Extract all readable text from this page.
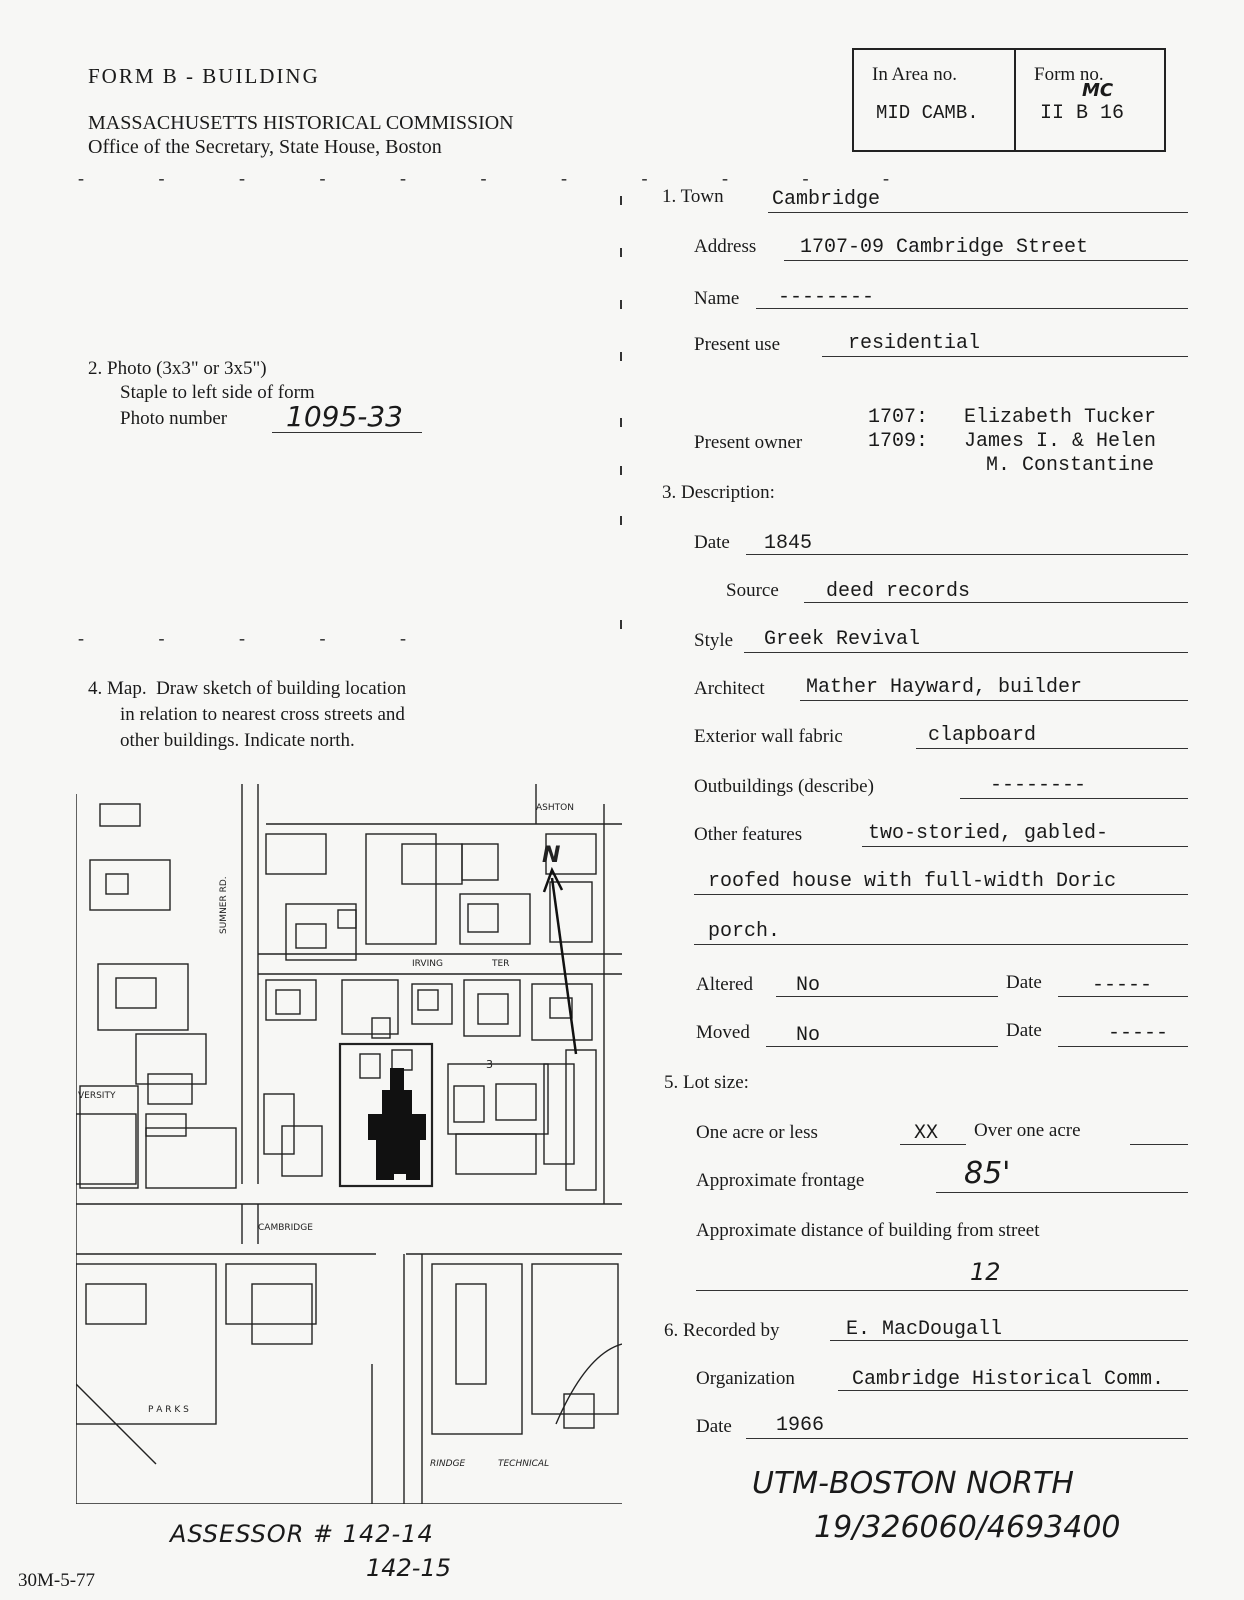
FORM B - BUILDING
MASSACHUSETTS HISTORICAL COMMISSION
Office of the Secretary, State House, Boston
In Area no.
MID CAMB.
Form no.
MC
II B 16
- - - - - - - - - - -
- - - - -
1. Town Cambridge
Address 1707-09 Cambridge Street
Name --------
Present use	residential
1707:   Elizabeth Tucker
Present owner	1709:   James I. & Helen
M. Constantine
3. Description:
Date 1845
Source deed records
Style Greek Revival
Architect Mather Hayward, builder
Exterior wall fabric	clapboard
Outbuildings (describe)	--------
Other features	two-storied, gabled-
roofed house with full-width Doric
porch.
Altered No	Date	-----
Moved No	Date	-----
5. Lot size:
One acre or less	XX Over one acre
Approximate frontage	85'
Approximate distance of building from street
12
6. Recorded by	E. MacDougall
Organization	Cambridge Historical Comm.
Date 1966
UTM-BOSTON NORTH
19/326060/4693400
2. Photo (3x3" or 3x5")
Staple to left side of form
Photo number 1095-33
4. Map.  Draw sketch of building location
in relation to nearest cross streets and
other buildings. Indicate north.
ASHTON
SUMNER RD.
IRVING	TER
CAMBRIDGE
RINDGE	TECHNICAL
VERSITY
P A R K S
3
N
ASSESSOR # 142-14
142-15
30M-5-77
